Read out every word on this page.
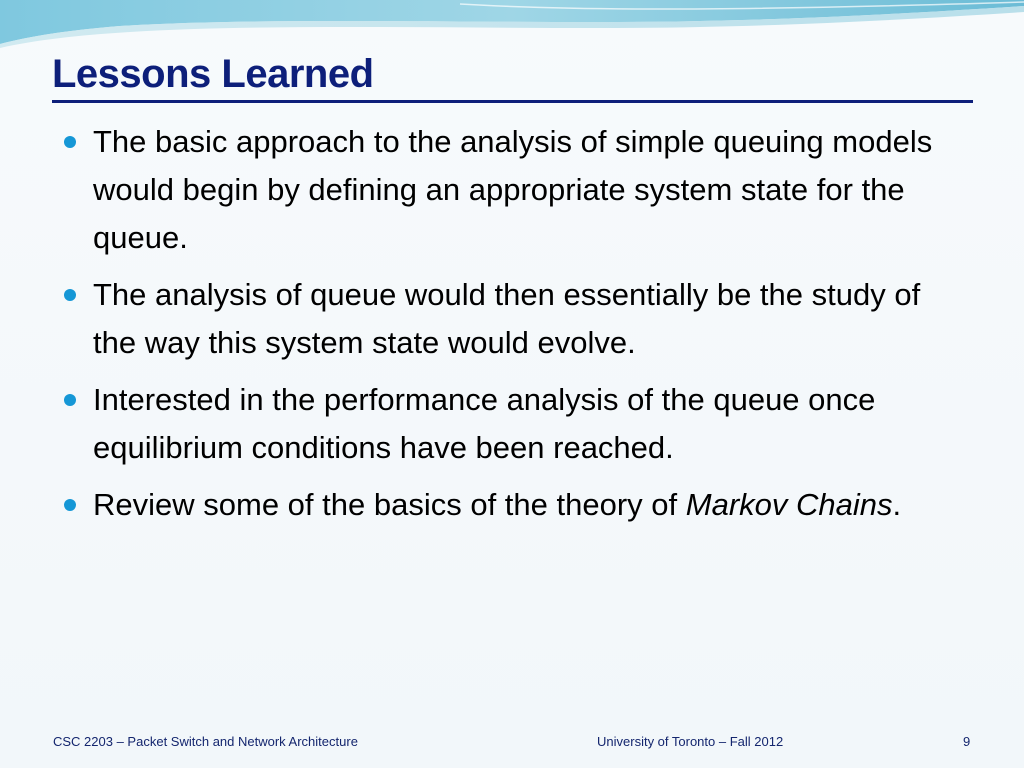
Lessons Learned
The basic approach to the analysis of simple queuing models would begin by defining an appropriate system state for the queue.
The analysis of queue would then essentially be the study of the way this system state would evolve.
Interested in the performance analysis of the queue once equilibrium conditions have been reached.
Review some of the basics of the theory of Markov Chains.
CSC 2203 – Packet Switch and Network Architecture	University of Toronto – Fall 2012	9
